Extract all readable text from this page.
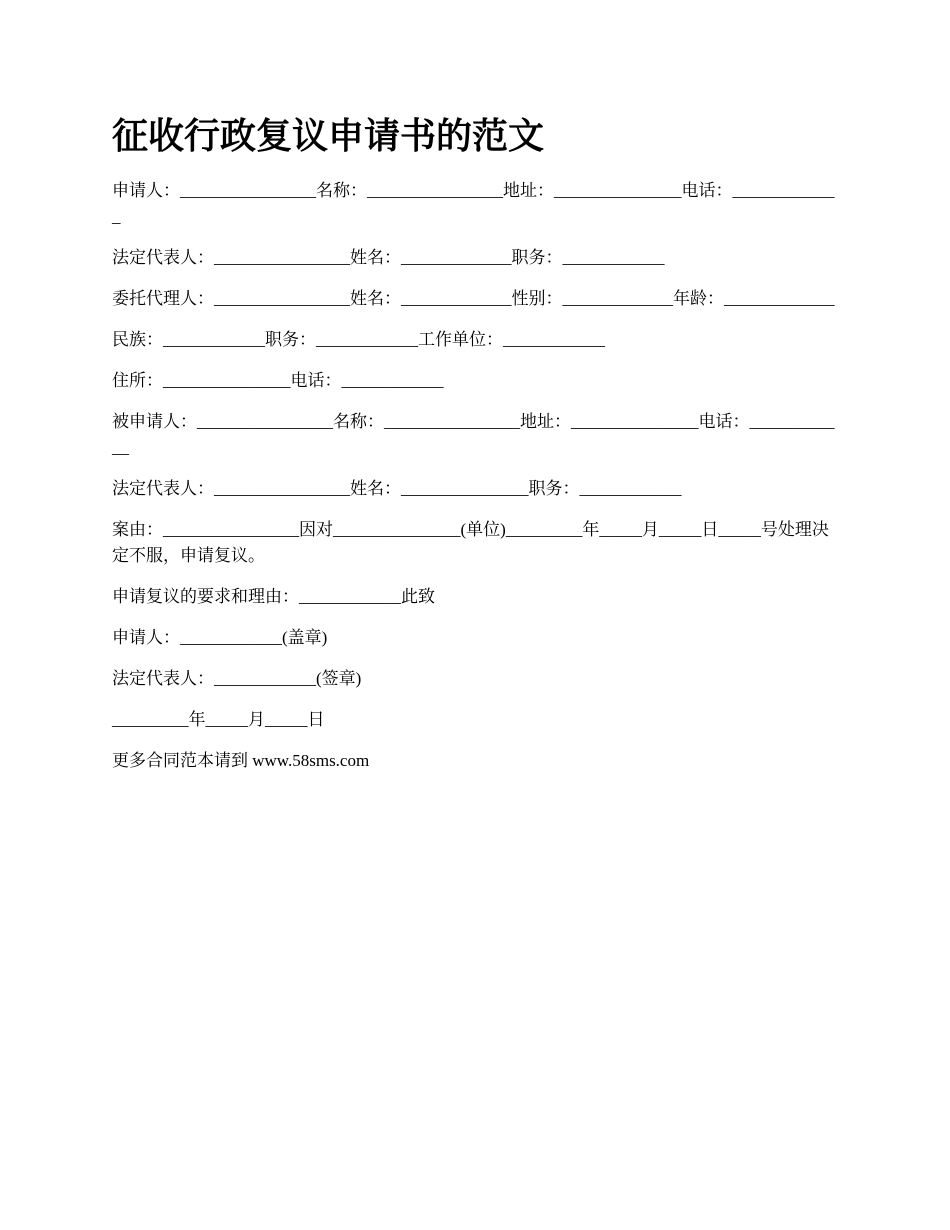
征收行政复议申请书的范文

申请人：________________名称：________________地址：_______________电话：_____________

法定代表人：________________姓名：_____________职务：____________

委托代理人：________________姓名：_____________性别：_____________年龄：_____________

民族：____________职务：____________工作单位：____________

住所：_______________电话：____________

被申请人：________________名称：________________地址：_______________电话：____________

法定代表人：________________姓名：_______________职务：____________

案由：________________因对_______________(单位)_________年_____月_____日_____号处理决定不服，申请复议。

申请复议的要求和理由：____________此致

申请人：____________(盖章)

法定代表人：____________(签章)

_________年_____月_____日

更多合同范本请到 www.58sms.com
